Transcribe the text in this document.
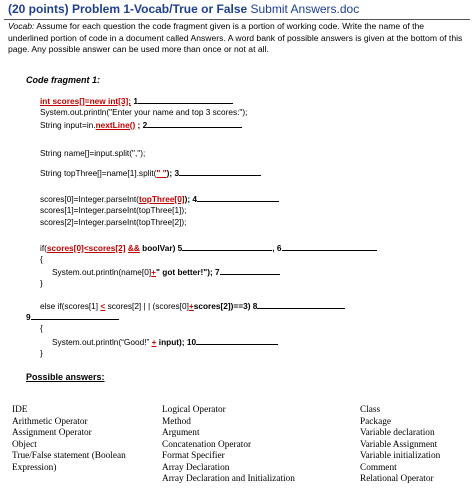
(20 points) Problem 1-Vocab/True or False Submit Answers.doc
Vocab: Assume for each question the code fragment given is a portion of working code. Write the name of the underlined portion of code in a document called Answers. A word bank of possible answers is given at the bottom of this page. Any possible answer can be used more than once or not at all.
Code fragment 1:
int scores[]=new int[3]; 1
System.out.println("Enter your name and top 3 scores:");
String input=in.nextLine() ; 2
String name[]=input.split(",");
String topThree[]=name[1].split(" "); 3
scores[0]=Integer.parseInt(topThree[0]); 4
scores[1]=Integer.parseInt(topThree[1]);
scores[2]=Integer.parseInt(topThree[2]);
if(scores[0]<scores[2] && boolVar) 5	, 6
{
System.out.println(name[0]+" got better!"); 7
}
else if(scores[1] < scores[2] | | (scores[0]+scores[2])==3) 8
9
{
System.out.println(“Good!” + input); 10
}
Possible answers:
IDE
Arithmetic Operator
Assignment Operator
Object
True/False statement (Boolean
Expression)
Logical Operator
Method
Argument
Concatenation Operator
Format Specifier
Array Declaration
Array Declaration and Initialization
Class
Package
Variable declaration
Variable Assignment
Variable initialization
Comment
Relational Operator
